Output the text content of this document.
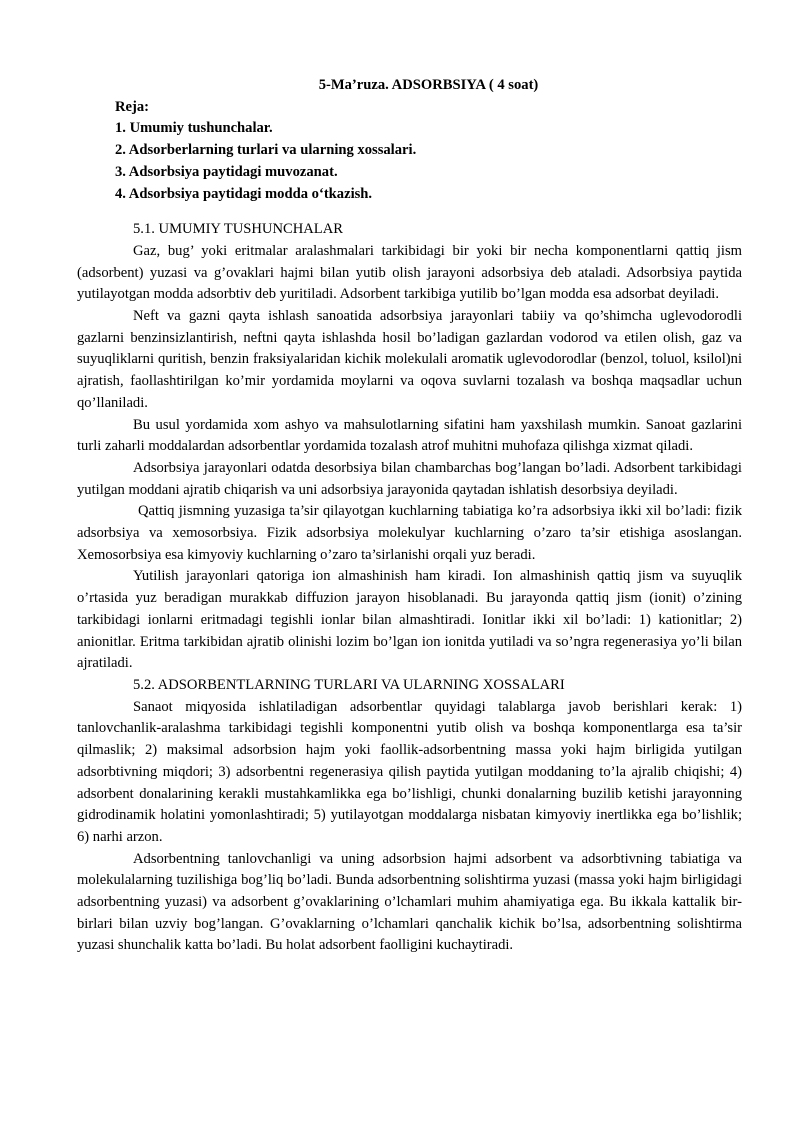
5-Ma’ruza. ADSORBSIYA ( 4 soat)

Reja:
1. Umumiy tushunchalar.
2. Adsorberlarning turlari va ularning xossalari.
3. Adsorbsiya paytidagi muvozanat.
4. Adsorbsiya paytidagi modda o‘tkazish.

5.1. UMUMIY TUSHUNCHALAR

Gaz, bug’ yoki eritmalar aralashmalari tarkibidagi bir yoki bir necha komponentlarni qattiq jism (adsorbent) yuzasi va g’ovaklari hajmi bilan yutib olish jarayoni adsorbsiya deb ataladi. Adsorbsiya paytida yutilayotgan modda adsorbtiv deb yuritiladi. Adsorbent tarkibiga yutilib bo’lgan modda esa adsorbat deyiladi.

Neft va gazni qayta ishlash sanoatida adsorbsiya jarayonlari tabiiy va qo’shimcha uglevodorodli gazlarni benzinsizlantirish, neftni qayta ishlashda hosil bo’ladigan gazlardan vodorod va etilen olish, gaz va suyuqliklarni quritish, benzin fraksiyalaridan kichik molekulali aromatik uglevodorodlar (benzol, toluol, ksilol)ni ajratish, faollashtirilgan ko’mir yordamida moylarni va oqova suvlarni tozalash va boshqa maqsadlar uchun qo’llaniladi.

Bu usul yordamida xom ashyo va mahsulotlarning sifatini ham yaxshilash mumkin. Sanoat gazlarini turli zaharli moddalardan adsorbentlar yordamida tozalash atrof muhitni muhofaza qilishga xizmat qiladi.

Adsorbsiya jarayonlari odatda desorbsiya bilan chambarchas bog’langan bo’ladi. Adsorbent tarkibidagi yutilgan moddani ajratib chiqarish va uni adsorbsiya jarayonida qaytadan ishlatish desorbsiya deyiladi.

Qattiq jismning yuzasiga ta’sir qilayotgan kuchlarning tabiatiga ko’ra adsorbsiya ikki xil bo’ladi: fizik adsorbsiya va xemosorbsiya. Fizik adsorbsiya molekulyar kuchlarning o’zaro ta’sir etishiga asoslangan. Xemosorbsiya esa kimyoviy kuchlarning o’zaro ta’sirlanishi orqali yuz beradi.

Yutilish jarayonlari qatoriga ion almashinish ham kiradi. Ion almashinish qattiq jism va suyuqlik o’rtasida yuz beradigan murakkab diffuzion jarayon hisoblanadi. Bu jarayonda qattiq jism (ionit) o’zining tarkibidagi ionlarni eritmadagi tegishli ionlar bilan almashtiradi. Ionitlar ikki xil bo’ladi: 1) kationitlar; 2) anionitlar. Eritma tarkibidan ajratib olinishi lozim bo’lgan ion ionitda yutiladi va so’ngra regenerasiya yo’li bilan ajratiladi.

5.2. ADSORBENTLARNING TURLARI VA ULARNING XOSSALARI

Sanaot miqyosida ishlatiladigan adsorbentlar quyidagi talablarga javob berishlari kerak: 1) tanlovchanlik-aralashma tarkibidagi tegishli komponentni yutib olish va boshqa komponentlarga esa ta’sir qilmaslik; 2) maksimal adsorbsion hajm yoki faollik-adsorbentning massa yoki hajm birligida yutilgan adsorbtivning miqdori; 3) adsorbentni regenerasiya qilish paytida yutilgan moddaning to’la ajralib chiqishi; 4) adsorbent donalarining kerakli mustahkamlikka ega bo’lishligi, chunki donalarning buzilib ketishi jarayonning gidrodinamik holatini yomonlashtiradi; 5) yutilayotgan moddalarga nisbatan kimyoviy inertlikka ega bo’lishlik; 6) narhi arzon.

Adsorbentning tanlovchanligi va uning adsorbsion hajmi adsorbent va adsorbtivning tabiatiga va molekulalarning tuzilishiga bog’liq bo’ladi. Bunda adsorbentning solishtirma yuzasi (massa yoki hajm birligidagi adsorbentning yuzasi) va adsorbent g’ovaklarining o’lchamlari muhim ahamiyatiga ega. Bu ikkala kattalik bir-birlari bilan uzviy bog’langan. G’ovaklarning o’lchamlari qanchalik kichik bo’lsa, adsorbentning solishtirma yuzasi shunchalik katta bo’ladi. Bu holat adsorbent faolligini kuchaytiradi.
